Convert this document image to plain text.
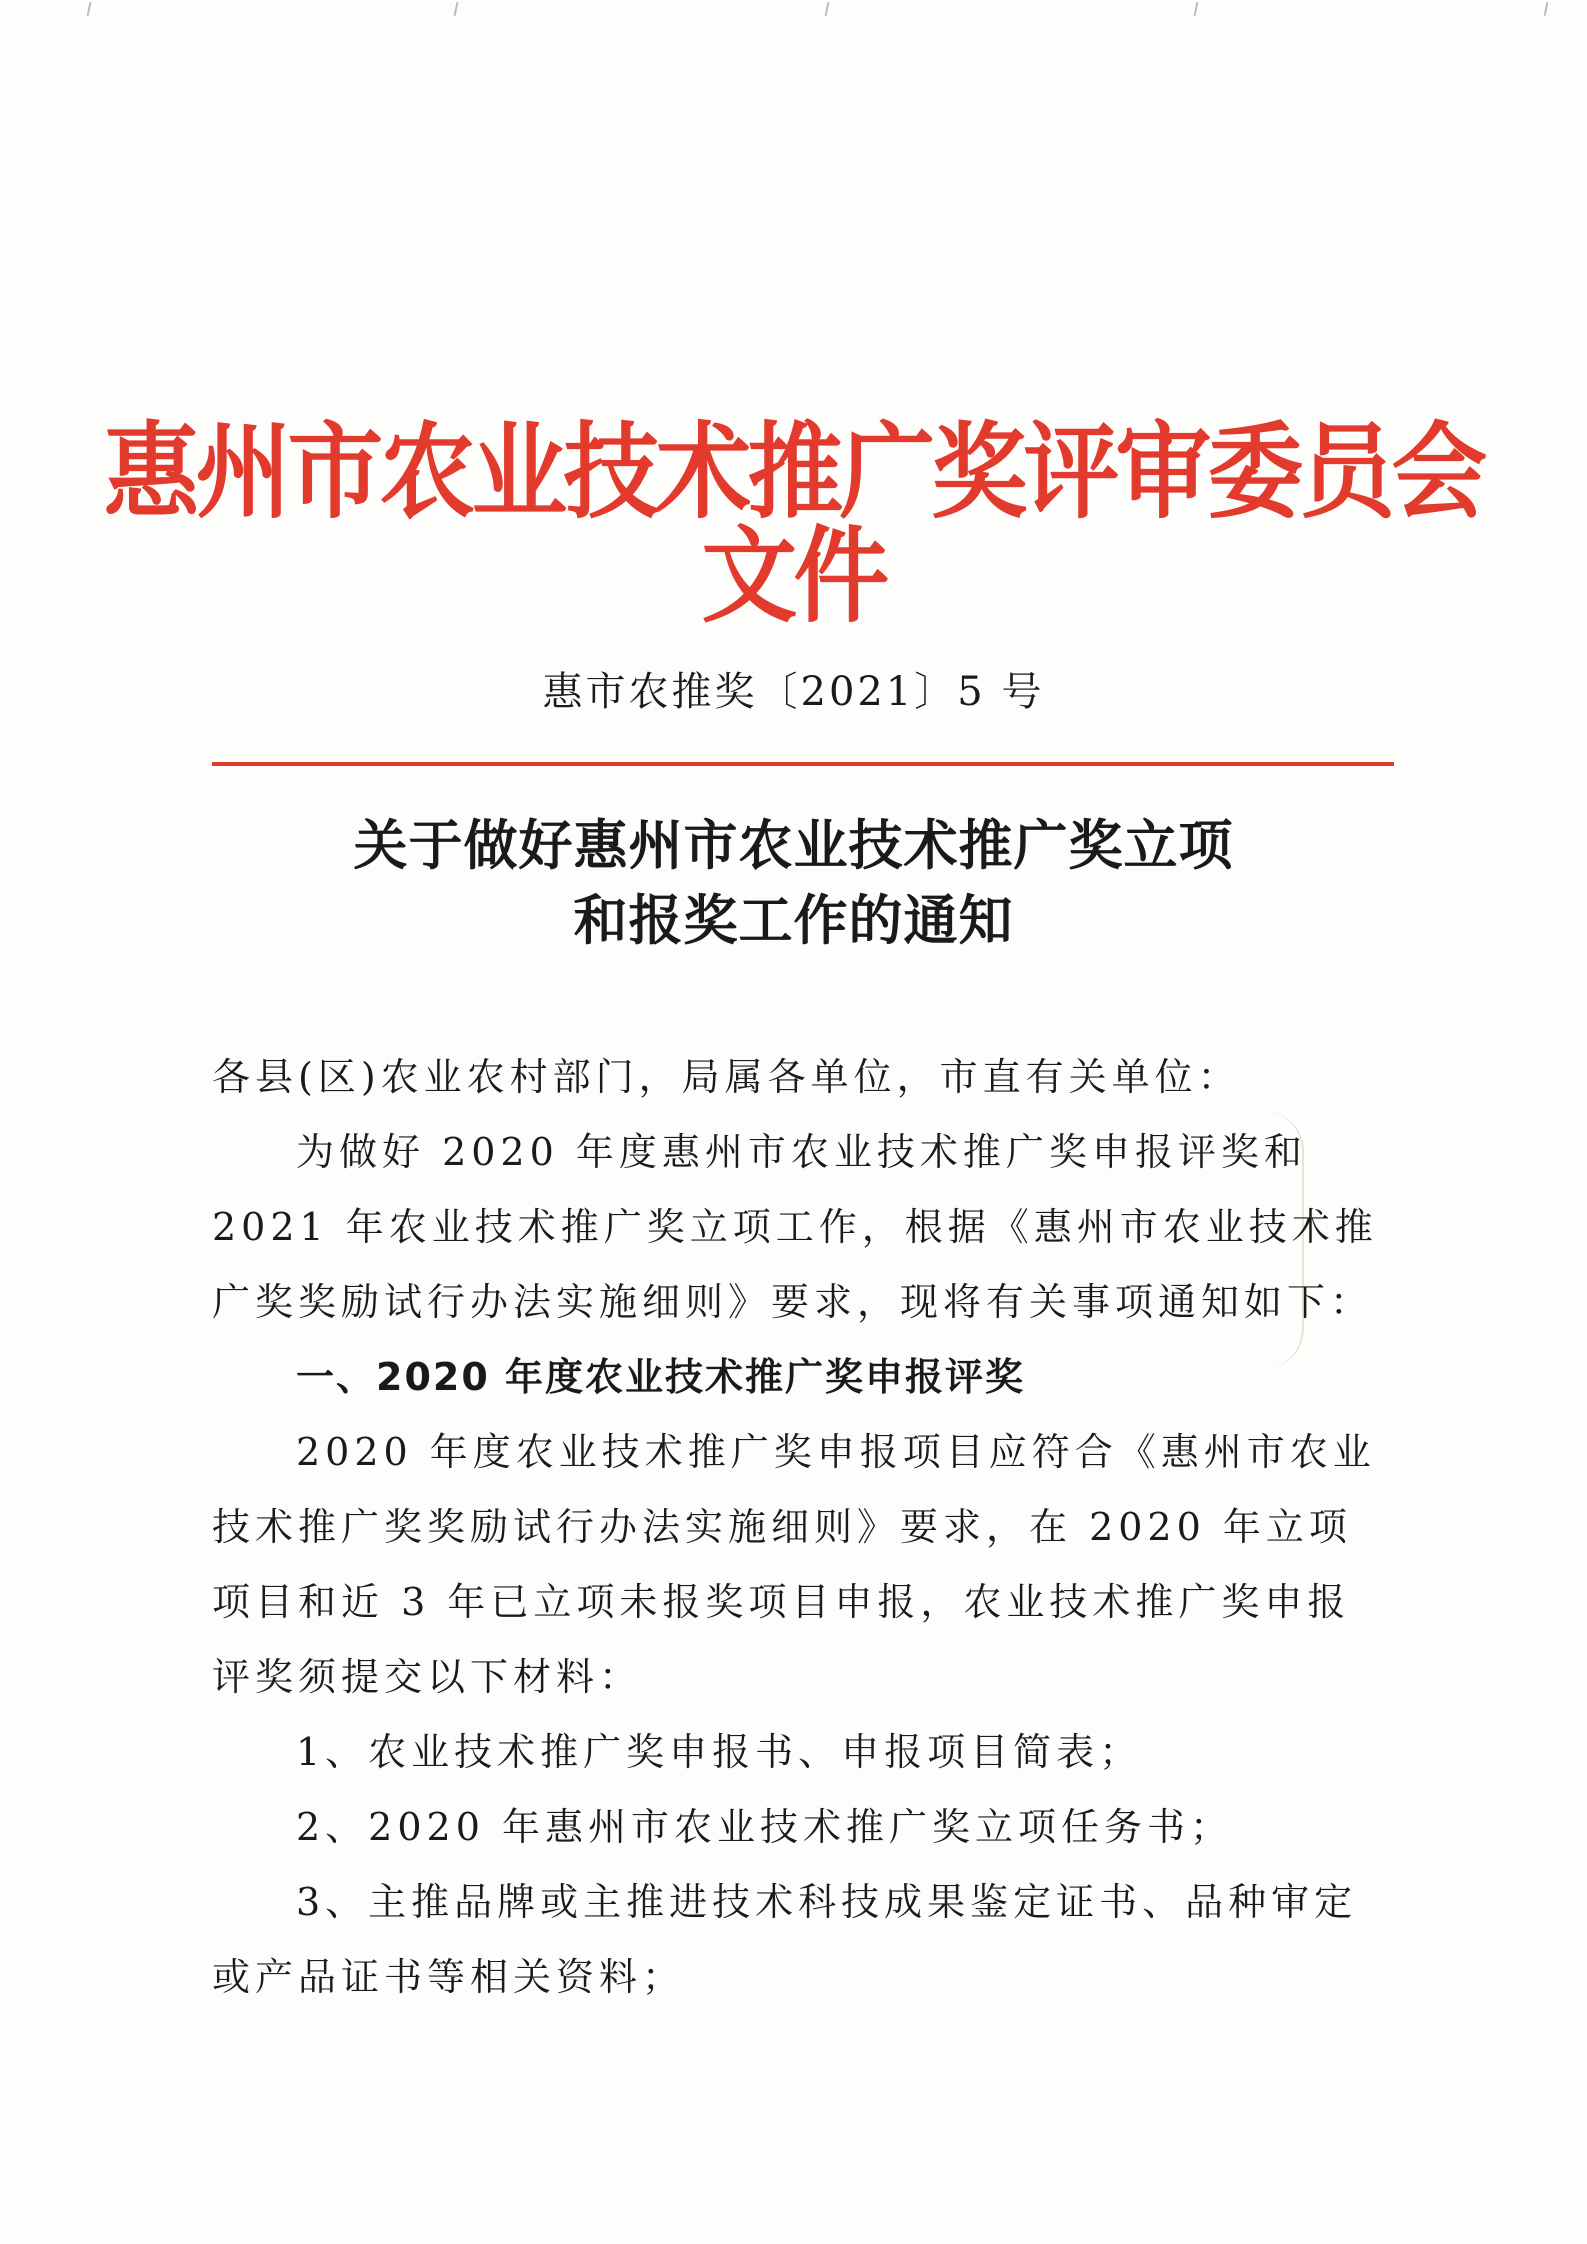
惠州市农业技术推广奖评审委员会文件
惠市农推奖〔2021〕5 号
关于做好惠州市农业技术推广奖立项
和报奖工作的通知

各县(区)农业农村部门，局属各单位，市直有关单位：

为做好 2020 年度惠州市农业技术推广奖申报评奖和 2021 年农业技术推广奖立项工作，根据《惠州市农业技术推广奖奖励试行办法实施细则》要求，现将有关事项通知如下：

一、2020 年度农业技术推广奖申报评奖

2020 年度农业技术推广奖申报项目应符合《惠州市农业技术推广奖奖励试行办法实施细则》要求，在 2020 年立项项目和近 3 年已立项未报奖项目申报，农业技术推广奖申报评奖须提交以下材料：

1、农业技术推广奖申报书、申报项目简表；

2、2020 年惠州市农业技术推广奖立项任务书；

3、主推品牌或主推进技术科技成果鉴定证书、品种审定或产品证书等相关资料；
